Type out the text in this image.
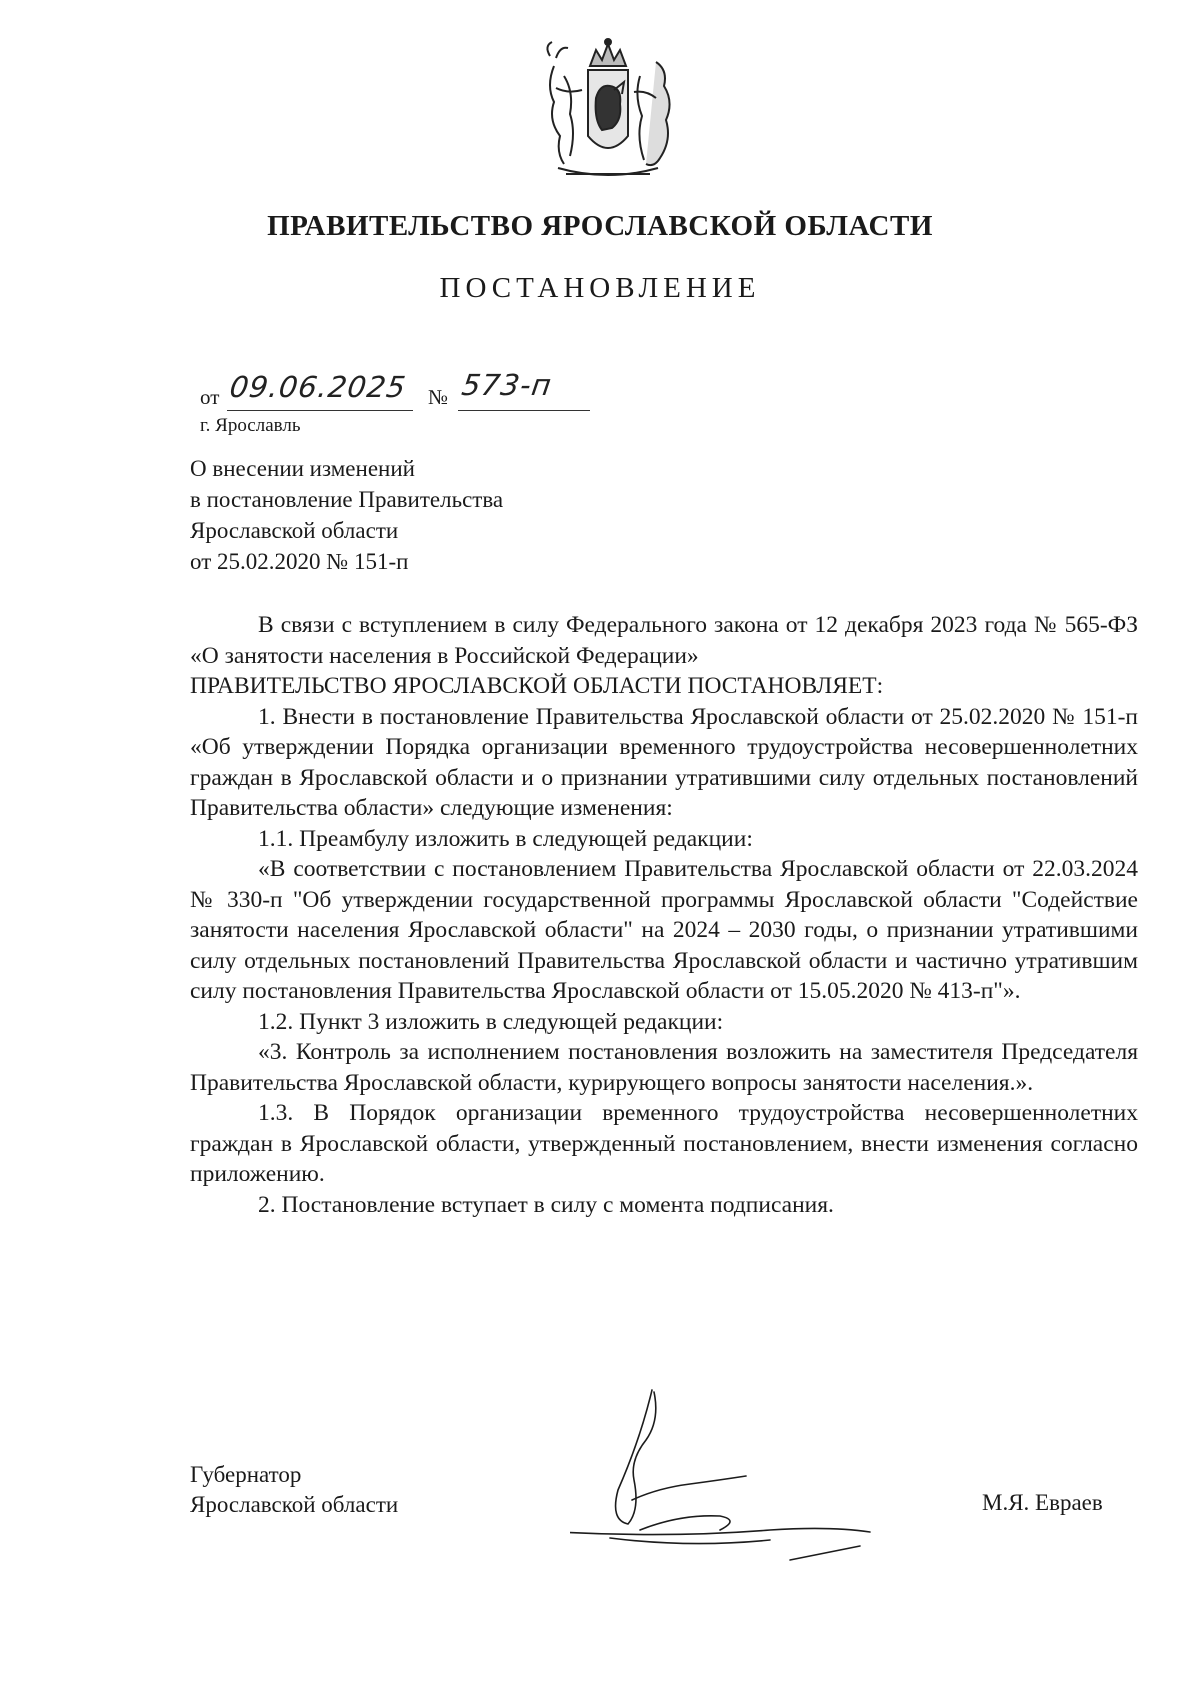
ПРАВИТЕЛЬСТВО ЯРОСЛАВСКОЙ ОБЛАСТИ
ПОСТАНОВЛЕНИЕ
от 09.06.2025 № 573-п
г. Ярославль
О внесении изменений
в постановление Правительства
Ярославской области
от 25.02.2020 № 151-п

В связи с вступлением в силу Федерального закона от 12 декабря 2023 года № 565-ФЗ «О занятости населения в Российской Федерации»

ПРАВИТЕЛЬСТВО ЯРОСЛАВСКОЙ ОБЛАСТИ ПОСТАНОВЛЯЕТ:

1. Внести в постановление Правительства Ярославской области от 25.02.2020 № 151-п «Об утверждении Порядка организации временного трудоустройства несовершеннолетних граждан в Ярославской области и о признании утратившими силу отдельных постановлений Правительства области» следующие изменения:

1.1. Преамбулу изложить в следующей редакции:

«В соответствии с постановлением Правительства Ярославской области от 22.03.2024 № 330-п "Об утверждении государственной программы Ярославской области "Содействие занятости населения Ярославской области" на 2024 – 2030 годы, о признании утратившими силу отдельных постановлений Правительства Ярославской области и частично утратившим силу постановления Правительства Ярославской области от 15.05.2020 № 413-п"».

1.2. Пункт 3 изложить в следующей редакции:

«3. Контроль за исполнением постановления возложить на заместителя Председателя Правительства Ярославской области, курирующего вопросы занятости населения.».

1.3. В Порядок организации временного трудоустройства несовершеннолетних граждан в Ярославской области, утвержденный постановлением, внести изменения согласно приложению.

2. Постановление вступает в силу с момента подписания.

Губернатор
Ярославской области	М.Я. Евраев
